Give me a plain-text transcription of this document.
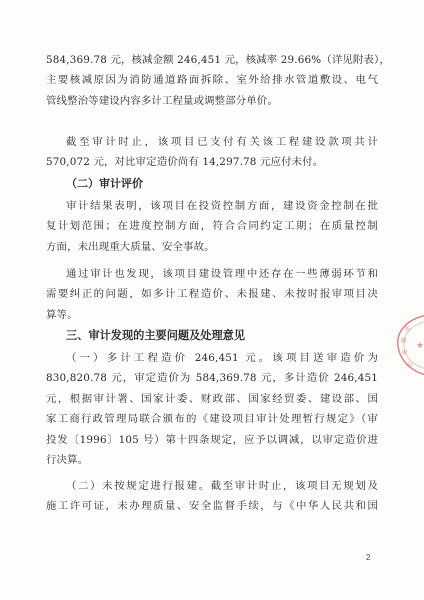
584,369.78 元，核减金额 246,451 元，核减率 29.66%（详见附表），
主要核减原因为消防通道路面拆除、室外给排水管道敷设、电气
管线整治等建设内容多计工程量或调整部分单价。
截至审计时止，该项目已支付有关该工程建设款项共计
570,072 元，对比审定造价尚有 14,297.78 元应付未付。
（二）审计评价
审计结果表明，该项目在投资控制方面，建设资金控制在批
复计划范围；在进度控制方面，符合合同约定工期；在质量控制
方面，未出现重大质量、安全事故。
通过审计也发现，该项目建设管理中还存在一些薄弱环节和
需要纠正的问题，如多计工程造价、未报建、未按时报审项目决
算等。
三、审计发现的主要问题及处理意见
（一）多计工程造价 246,451 元。该项目送审造价为
830,820.78 元，审定造价为 584,369.78 元，多计造价 246,451
元，根据审计署、国家计委、财政部、国家经贸委、建设部、国
家工商行政管理局联合颁布的《建设项目审计处理暂行规定》（审
投发〔1996〕105 号）第十四条规定，应予以调减，以审定造价进
行决算。
（二）未按规定进行报建。截至审计时止，该项目无规划及
施工许可证，未办理质量、安全监督手续，与《中华人民共和国
北
源
审
计
★
2
